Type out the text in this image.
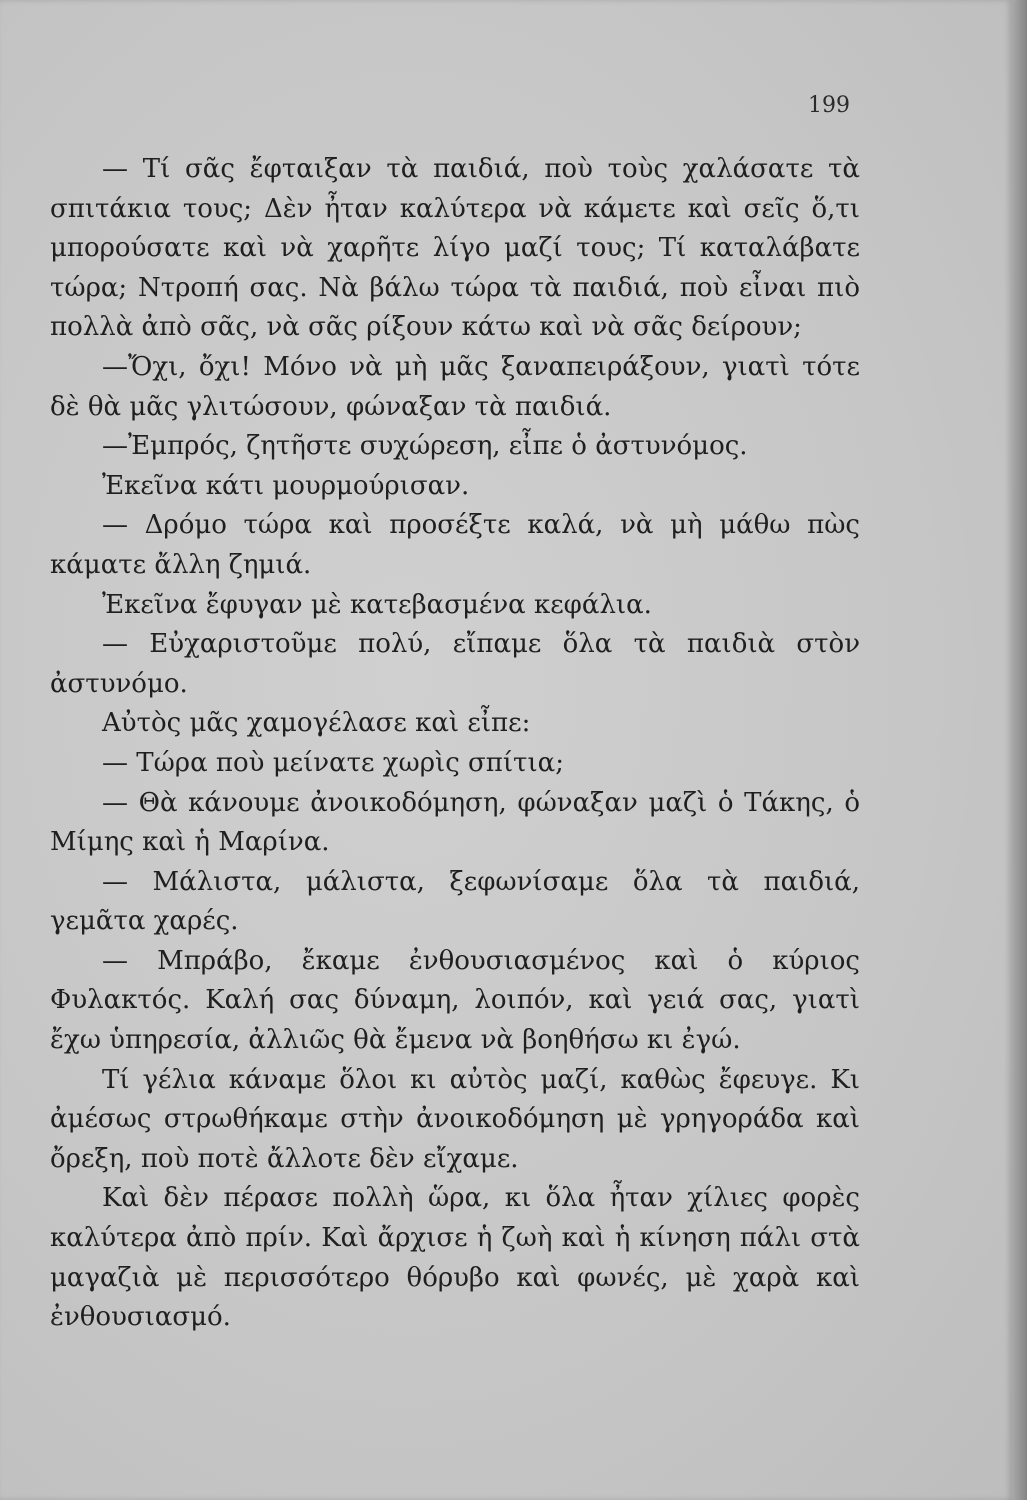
199

— Τί σᾶς ἔφταιξαν τὰ παιδιά, ποὺ τοὺς χαλάσατε τὰ σπιτάκια τους; Δὲν ἦταν καλύτερα νὰ κάμετε καὶ σεῖς ὅ,τι μπορούσατε καὶ νὰ χαρῆτε λίγο μαζί τους; Τί καταλάβατε τώρα; Ντροπή σας. Νὰ βάλω τώρα τὰ παιδιά, ποὺ εἶναι πιὸ πολλὰ ἀπὸ σᾶς, νὰ σᾶς ρίξουν κάτω καὶ νὰ σᾶς δείρουν;

—Ὄχι, ὄχι! Μόνο νὰ μὴ μᾶς ξαναπειράξουν, γιατὶ τότε δὲ θὰ μᾶς γλιτώσουν, φώναξαν τὰ παιδιά.

—Ἐμπρός, ζητῆστε συχώρεση, εἶπε ὁ ἀστυνόμος.

Ἐκεῖνα κάτι μουρμούρισαν.

— Δρόμο τώρα καὶ προσέξτε καλά, νὰ μὴ μάθω πὼς κάματε ἄλλη ζημιά.

Ἐκεῖνα ἔφυγαν μὲ κατεβασμένα κεφάλια.

— Εὐχαριστοῦμε πολύ, εἴπαμε ὅλα τὰ παιδιὰ στὸν ἀστυνόμο.

Αὐτὸς μᾶς χαμογέλασε καὶ εἶπε:

— Τώρα ποὺ μείνατε χωρὶς σπίτια;

— Θὰ κάνουμε ἀνοικοδόμηση, φώναξαν μαζὶ ὁ Τάκης, ὁ Μίμης καὶ ἡ Μαρίνα.

— Μάλιστα, μάλιστα, ξεφωνίσαμε ὅλα τὰ παιδιά, γεμᾶτα χαρές.

— Μπράβο, ἔκαμε ἐνθουσιασμένος καὶ ὁ κύριος Φυλακτός. Καλή σας δύναμη, λοιπόν, καὶ γειά σας, γιατὶ ἔχω ὑπηρεσία, ἀλλιῶς θὰ ἔμενα νὰ βοηθήσω κι ἐγώ.

Τί γέλια κάναμε ὅλοι κι αὐτὸς μαζί, καθὼς ἔφευγε. Κι ἀμέσως στρωθήκαμε στὴν ἀνοικοδόμηση μὲ γρηγοράδα καὶ ὄρεξη, ποὺ ποτὲ ἄλλοτε δὲν εἴχαμε.

Καὶ δὲν πέρασε πολλὴ ὥρα, κι ὅλα ἦταν χίλιες φορὲς καλύτερα ἀπὸ πρίν. Καὶ ἄρχισε ἡ ζωὴ καὶ ἡ κίνηση πάλι στὰ μαγαζιὰ μὲ περισσότερο θόρυβο καὶ φωνές, μὲ χαρὰ καὶ ἐνθουσιασμό.
